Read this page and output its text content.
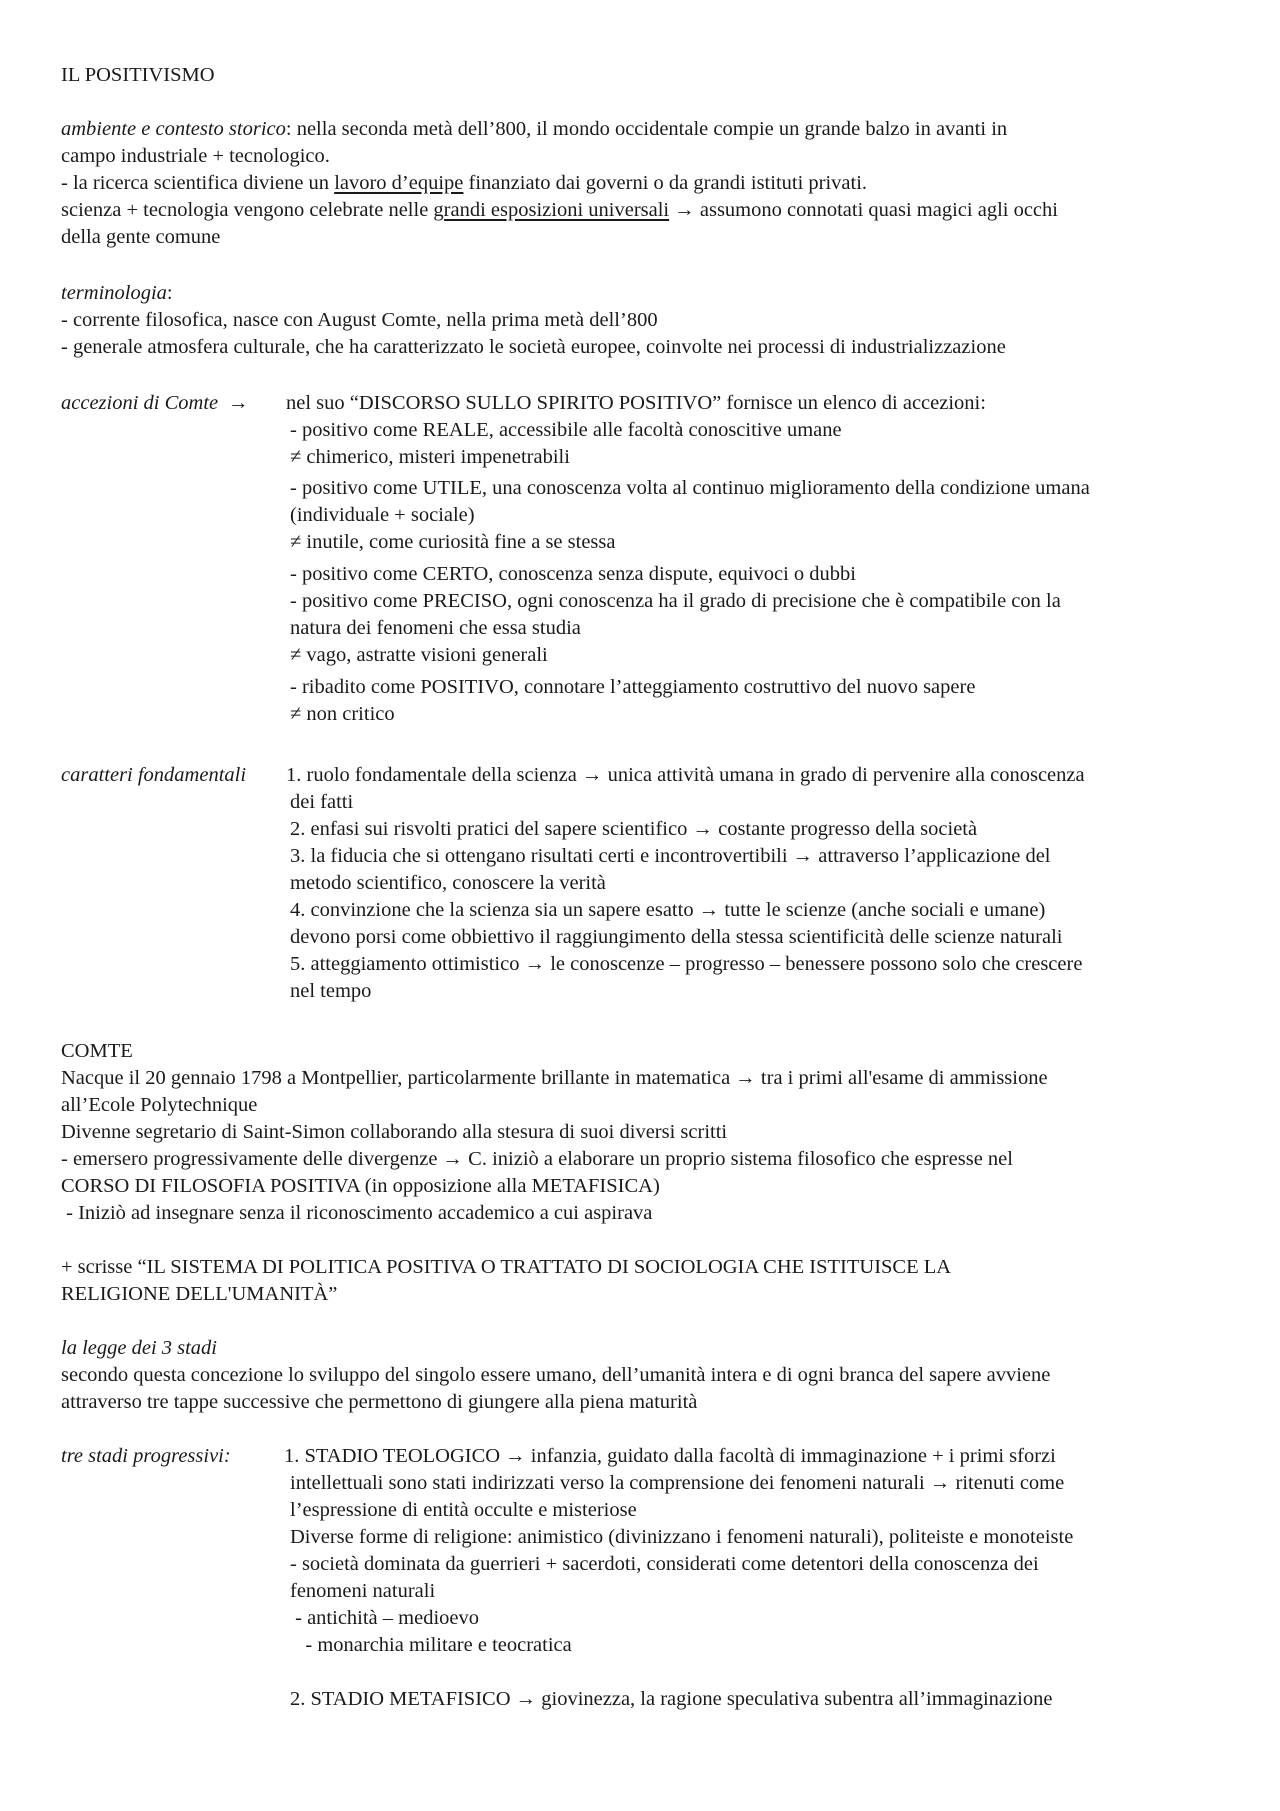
IL POSITIVISMO
ambiente e contesto storico: nella seconda metà dell’800, il mondo occidentale compie un grande balzo in avanti in
campo industriale + tecnologico.
- la ricerca scientifica diviene un lavoro d’equipe finanziato dai governi o da grandi istituti privati.
scienza + tecnologia vengono celebrate nelle grandi esposizioni universali → assumono connotati quasi magici agli occhi
della gente comune
terminologia:
- corrente filosofica, nasce con August Comte, nella prima metà dell’800
- generale atmosfera culturale, che ha caratterizzato le società europee, coinvolte nei processi di industrializzazione
accezioni di Comte → nel suo “DISCORSO SULLO SPIRITO POSITIVO” fornisce un elenco di accezioni:
- positivo come REALE, accessibile alle facoltà conoscitive umane
≠ chimerico, misteri impenetrabili
- positivo come UTILE, una conoscenza volta al continuo miglioramento della condizione umana
(individuale + sociale)
≠ inutile, come curiosità fine a se stessa
- positivo come CERTO, conoscenza senza dispute, equivoci o dubbi
- positivo come PRECISO, ogni conoscenza ha il grado di precisione che è compatibile con la
natura dei fenomeni che essa studia
≠ vago, astratte visioni generali
- ribadito come POSITIVO, connotare l’atteggiamento costruttivo del nuovo sapere
≠ non critico
caratteri fondamentali 1. ruolo fondamentale della scienza → unica attività umana in grado di pervenire alla conoscenza
dei fatti
2. enfasi sui risvolti pratici del sapere scientifico → costante progresso della società
3. la fiducia che si ottengano risultati certi e incontrovertibili → attraverso l’applicazione del
metodo scientifico, conoscere la verità
4. convinzione che la scienza sia un sapere esatto → tutte le scienze (anche sociali e umane)
devono porsi come obbiettivo il raggiungimento della stessa scientificità delle scienze naturali
5. atteggiamento ottimistico → le conoscenze – progresso – benessere possono solo che crescere
nel tempo
COMTE
Nacque il 20 gennaio 1798 a Montpellier, particolarmente brillante in matematica → tra i primi all'esame di ammissione
all’Ecole Polytechnique
Divenne segretario di Saint-Simon collaborando alla stesura di suoi diversi scritti
- emersero progressivamente delle divergenze → C. iniziò a elaborare un proprio sistema filosofico che espresse nel
CORSO DI FILOSOFIA POSITIVA (in opposizione alla METAFISICA)
- Iniziò ad insegnare senza il riconoscimento accademico a cui aspirava
+ scrisse “IL SISTEMA DI POLITICA POSITIVA O TRATTATO DI SOCIOLOGIA CHE ISTITUISCE LA
RELIGIONE DELL'UMANITÀ”
la legge dei 3 stadi
secondo questa concezione lo sviluppo del singolo essere umano, dell’umanità intera e di ogni branca del sapere avviene
attraverso tre tappe successive che permettono di giungere alla piena maturità
tre stadi progressivi:	1. STADIO TEOLOGICO → infanzia, guidato dalla facoltà di immaginazione + i primi sforzi
intellettuali sono stati indirizzati verso la comprensione dei fenomeni naturali → ritenuti come
l’espressione di entità occulte e misteriose
Diverse forme di religione: animistico (divinizzano i fenomeni naturali), politeiste e monoteiste
- società dominata da guerrieri + sacerdoti, considerati come detentori della conoscenza dei
fenomeni naturali
- antichità – medioevo
- monarchia militare e teocratica
2. STADIO METAFISICO → giovinezza, la ragione speculativa subentra all’immaginazione
